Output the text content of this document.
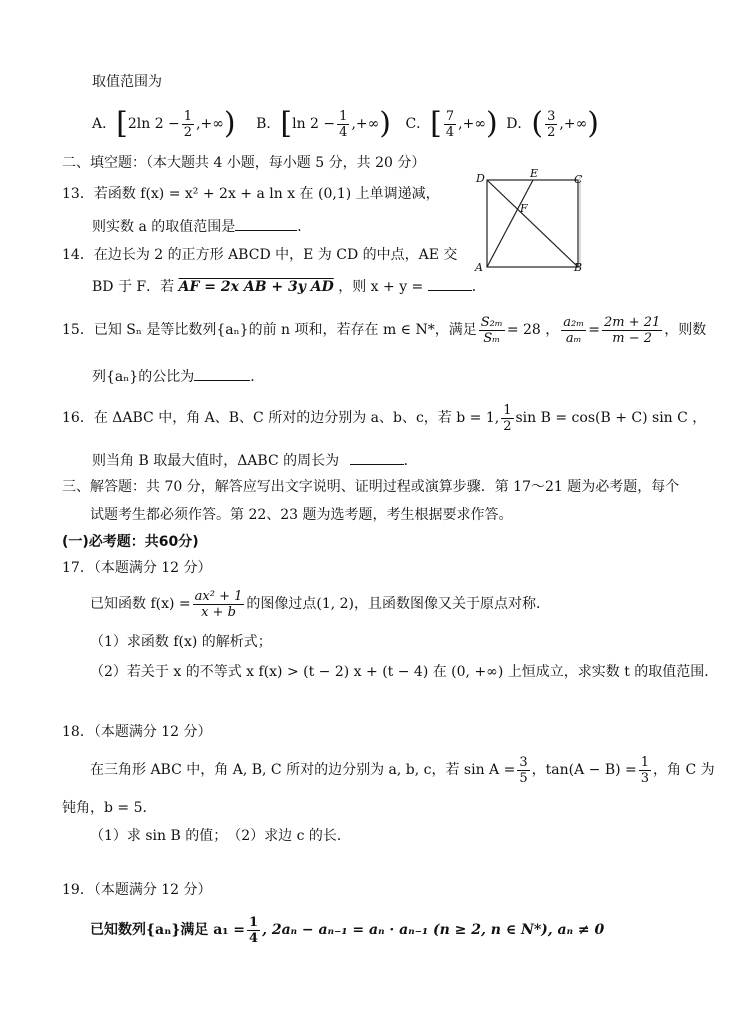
取值范围为
A． [ 2ln $2 - \frac{1}{2}$ ,+∞ )
B． [ $\ln 2 - \frac{1}{4}$ ,+∞ )
C． [ $\frac{7}{4}$ ,+∞ )
D． ( $\frac{3}{2}$ ,+∞ )
二、填空题：（本大题共 4 小题，每小题 5 分，共 20 分）
13．若函数 f(x) = x² + 2x + a ln x 在 (0,1) 上单调递减，
则实数 a 的取值范围是	．
D	E	C
F
A	B
14．在边长为 2 的正方形 ABCD 中，E 为 CD 的中点，AE 交
BD 于 F．若 AF = 2x AB + 3y AD ，则 x + y =	．
15．已知 Sₙ 是等比数列{aₙ}的前 n 项和，若存在 m ∈ N*，满足 $\frac{\text{S₂ₘ}}{\text{Sₘ}} = 28$ ， $\frac{\text{a₂ₘ}}{\text{aₘ}} = \frac{2m + 21}{m - 2}$ ，则数
列{aₙ}的公比为	．
16．在 ΔABC 中，角 A、B、C 所对的边分别为 a、b、c，若 b = 1, $\frac{1}{2}$ sin B = cos(B + C) sin C ，
则当角 B 取最大值时，ΔABC 的周长为	．
三、解答题：共 70 分，解答应写出文字说明、证明过程或演算步骤．第 17～21 题为必考题，每个
试题考生都必须作答。第 22、23 题为选考题，考生根据要求作答。
(一)必考题：共60分)
17．（本题满分 12 分）
已知函数 $f(x) = \frac{\text{ax² + 1}}{x + b}$ 的图像过点(1, 2)，且函数图像又关于原点对称．
（1）求函数 f(x) 的解析式；
（2）若关于 x 的不等式 x f(x) > (t − 2) x + (t − 4) 在 (0, +∞) 上恒成立，求实数 t 的取值范围．
18．（本题满分 12 分）
在三角形 ABC 中，角 A, B, C 所对的边分别为 a, b, c，若 $\sin A = \frac{3}{5}$ ，$\tan(A - B) = \frac{1}{3}$ ，角 C 为
钝角，b = 5．
（1）求 sin B 的值；　（2）求边 c 的长．
19．（本题满分 12 分）
已知数列{aₙ}满足 $a_1 = \frac{1}{4}$ , 2aₙ − aₙ₋₁ = aₙ · aₙ₋₁ (n ≥ 2, n ∈ N*), aₙ ≠ 0
